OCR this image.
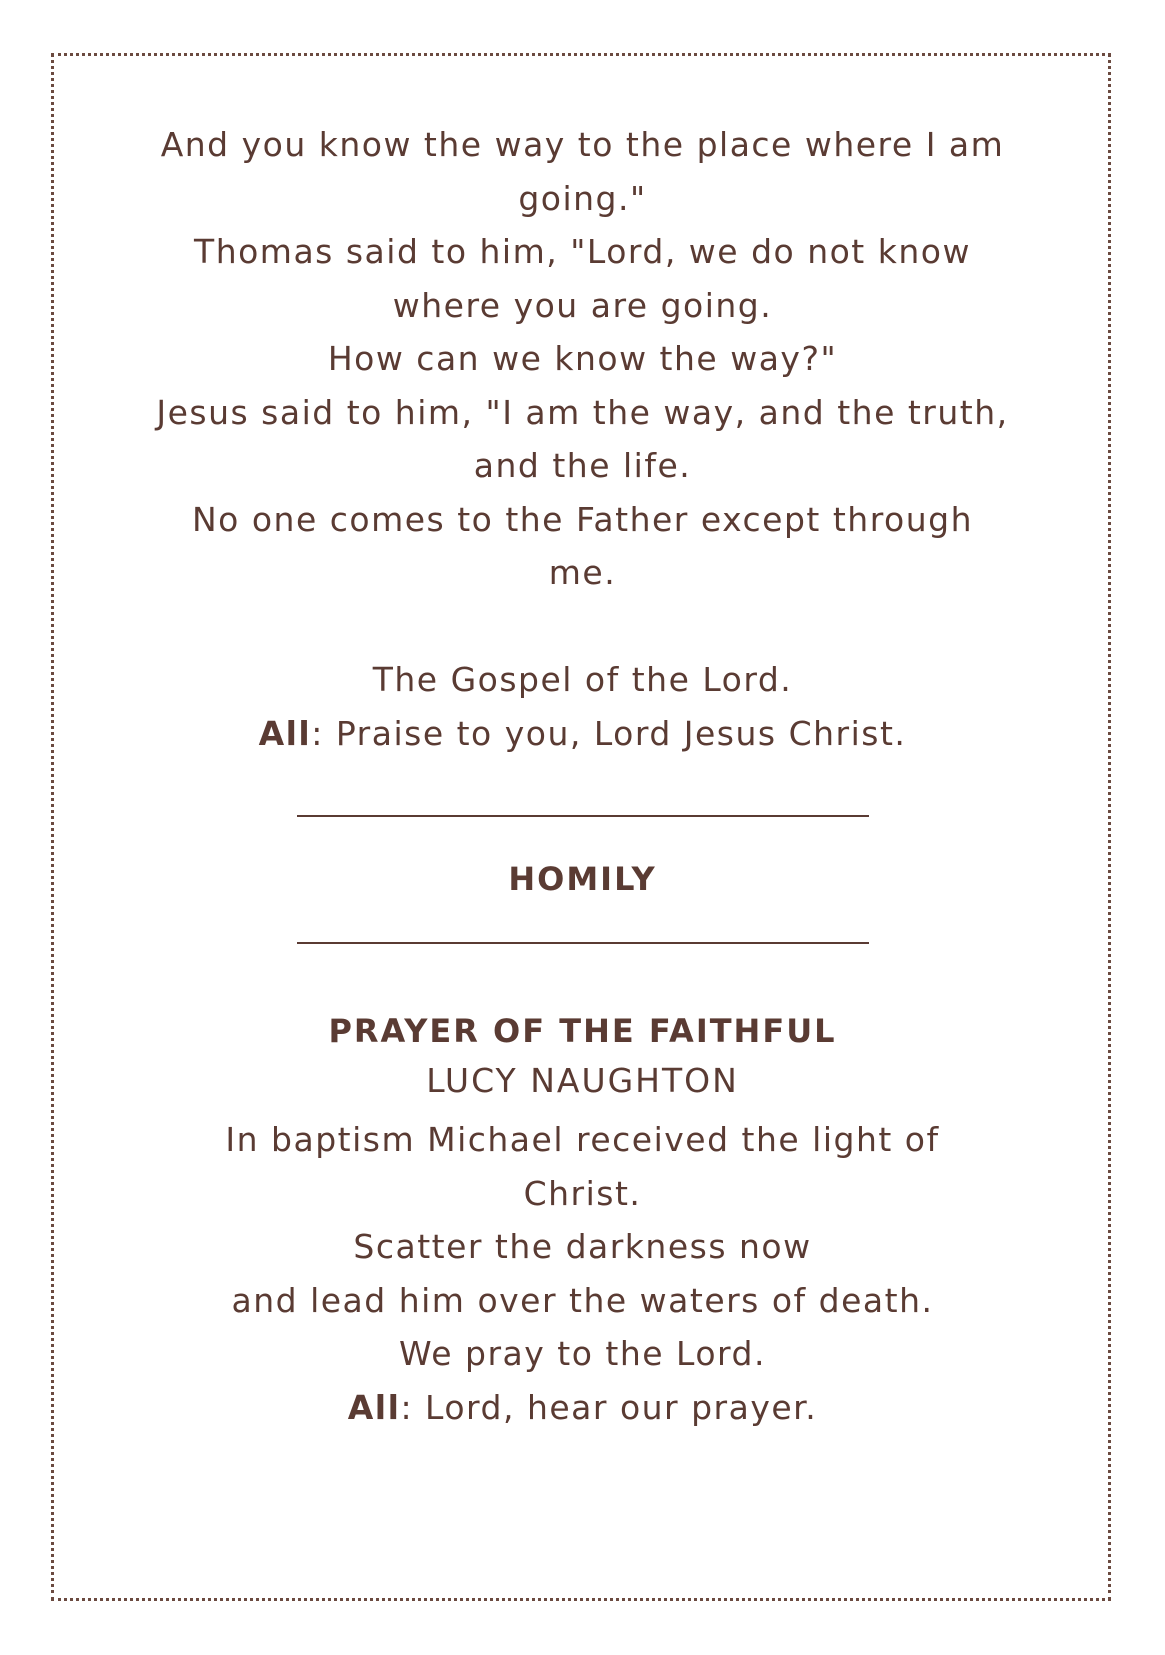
And you know the way to the place where I am

going."

Thomas said to him, "Lord, we do not know

where you are going.

How can we know the way?"

Jesus said to him, "I am the way, and the truth,

and the life.

No one comes to the Father except through

me.

The Gospel of the Lord.

All: Praise to you, Lord Jesus Christ.

HOMILY

PRAYER OF THE FAITHFUL

LUCY NAUGHTON

In baptism Michael received the light of

Christ.

Scatter the darkness now

and lead him over the waters of death.

We pray to the Lord.

All: Lord, hear our prayer.
